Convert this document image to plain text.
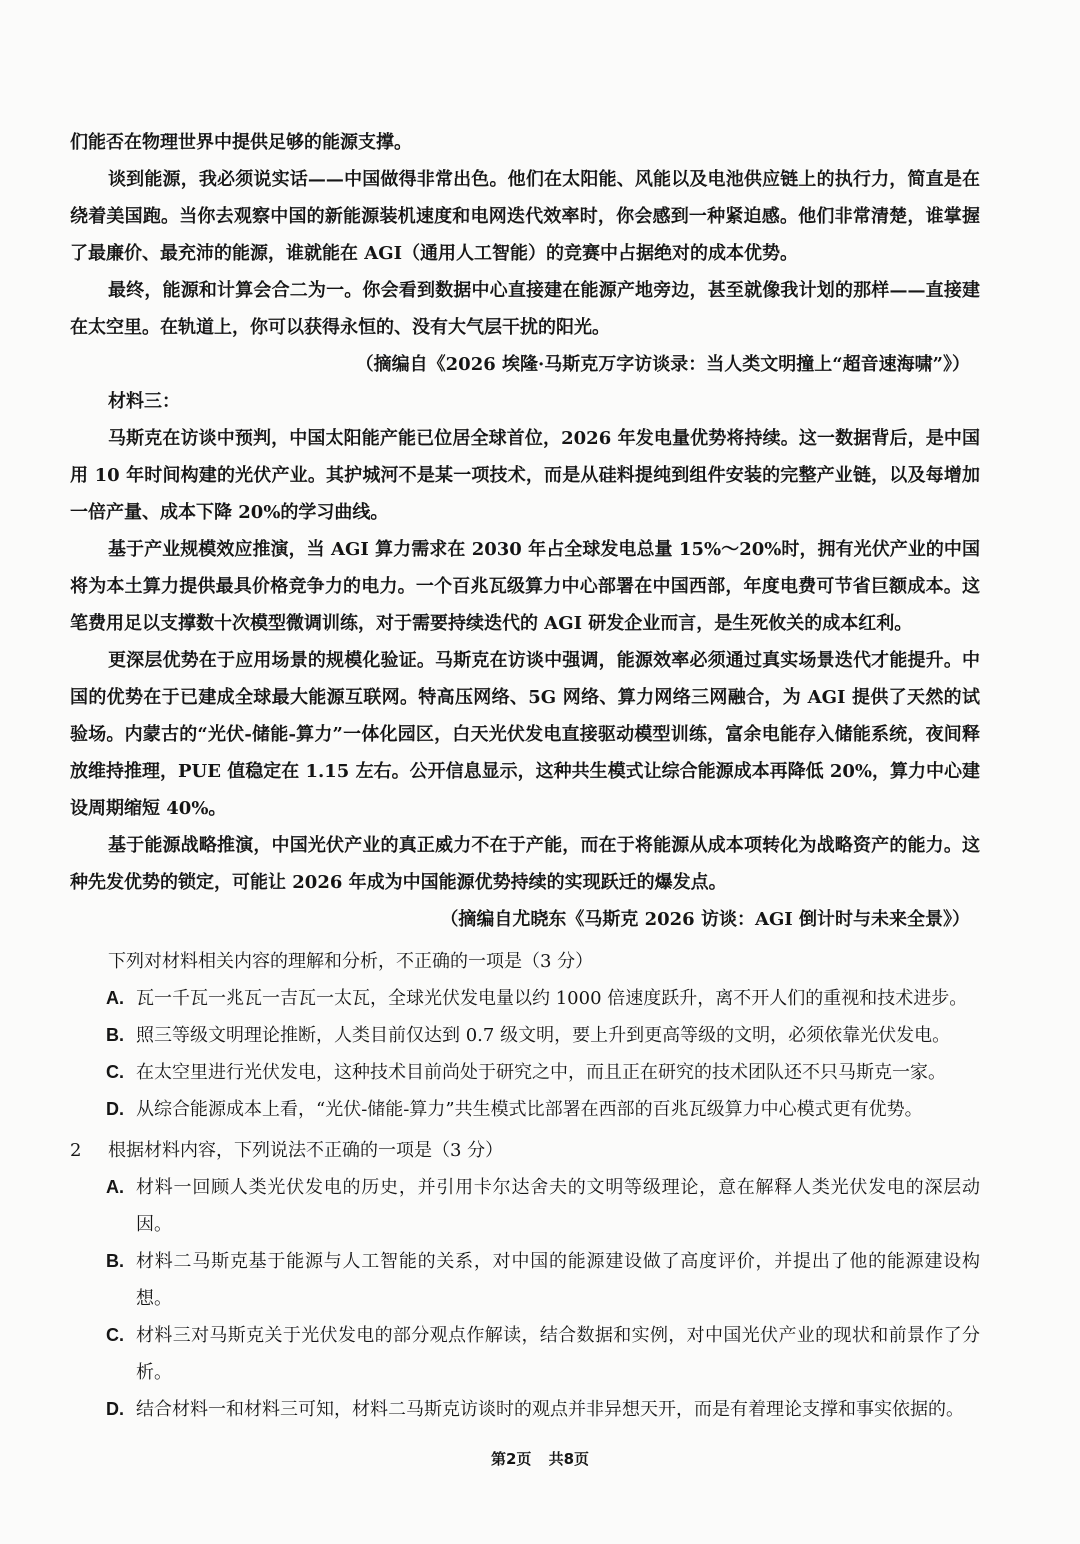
们能否在物理世界中提供足够的能源支撑。
谈到能源，我必须说实话——中国做得非常出色。他们在太阳能、风能以及电池供应链上的执行力，简直是在绕着美国跑。当你去观察中国的新能源装机速度和电网迭代效率时，你会感到一种紧迫感。他们非常清楚，谁掌握了最廉价、最充沛的能源，谁就能在 AGI（通用人工智能）的竞赛中占据绝对的成本优势。
最终，能源和计算会合二为一。你会看到数据中心直接建在能源产地旁边，甚至就像我计划的那样——直接建在太空里。在轨道上，你可以获得永恒的、没有大气层干扰的阳光。
（摘编自《2026 埃隆·马斯克万字访谈录：当人类文明撞上“超音速海啸”》）
材料三：
马斯克在访谈中预判，中国太阳能产能已位居全球首位，2026 年发电量优势将持续。这一数据背后，是中国用 10 年时间构建的光伏产业。其护城河不是某一项技术，而是从硅料提纯到组件安装的完整产业链，以及每增加一倍产量、成本下降 20%的学习曲线。
基于产业规模效应推演，当 AGI 算力需求在 2030 年占全球发电总量 15%～20%时，拥有光伏产业的中国将为本土算力提供最具价格竞争力的电力。一个百兆瓦级算力中心部署在中国西部，年度电费可节省巨额成本。这笔费用足以支撑数十次模型微调训练，对于需要持续迭代的 AGI 研发企业而言，是生死攸关的成本红利。
更深层优势在于应用场景的规模化验证。马斯克在访谈中强调，能源效率必须通过真实场景迭代才能提升。中国的优势在于已建成全球最大能源互联网。特高压网络、5G 网络、算力网络三网融合，为 AGI 提供了天然的试验场。内蒙古的“光伏-储能-算力”一体化园区，白天光伏发电直接驱动模型训练，富余电能存入储能系统，夜间释放维持推理，PUE 值稳定在 1.15 左右。公开信息显示，这种共生模式让综合能源成本再降低 20%，算力中心建设周期缩短 40%。
基于能源战略推演，中国光伏产业的真正威力不在于产能，而在于将能源从成本项转化为战略资产的能力。这种先发优势的锁定，可能让 2026 年成为中国能源优势持续的实现跃迁的爆发点。
（摘编自尤晓东《马斯克 2026 访谈：AGI 倒计时与未来全景》）
下列对材料相关内容的理解和分析，不正确的一项是（3 分）
A. 瓦一千瓦一兆瓦一吉瓦一太瓦，全球光伏发电量以约 1000 倍速度跃升，离不开人们的重视和技术进步。
B. 照三等级文明理论推断，人类目前仅达到 0.7 级文明，要上升到更高等级的文明，必须依靠光伏发电。
C. 在太空里进行光伏发电，这种技术目前尚处于研究之中，而且正在研究的技术团队还不只马斯克一家。
D. 从综合能源成本上看，“光伏-储能-算力”共生模式比部署在西部的百兆瓦级算力中心模式更有优势。
2 根据材料内容，下列说法不正确的一项是（3 分）
A. 材料一回顾人类光伏发电的历史，并引用卡尔达舍夫的文明等级理论，意在解释人类光伏发电的深层动因。
B. 材料二马斯克基于能源与人工智能的关系，对中国的能源建设做了高度评价，并提出了他的能源建设构想。
C. 材料三对马斯克关于光伏发电的部分观点作解读，结合数据和实例，对中国光伏产业的现状和前景作了分析。
D. 结合材料一和材料三可知，材料二马斯克访谈时的观点并非异想天开，而是有着理论支撑和事实依据的。
第2页 共8页
